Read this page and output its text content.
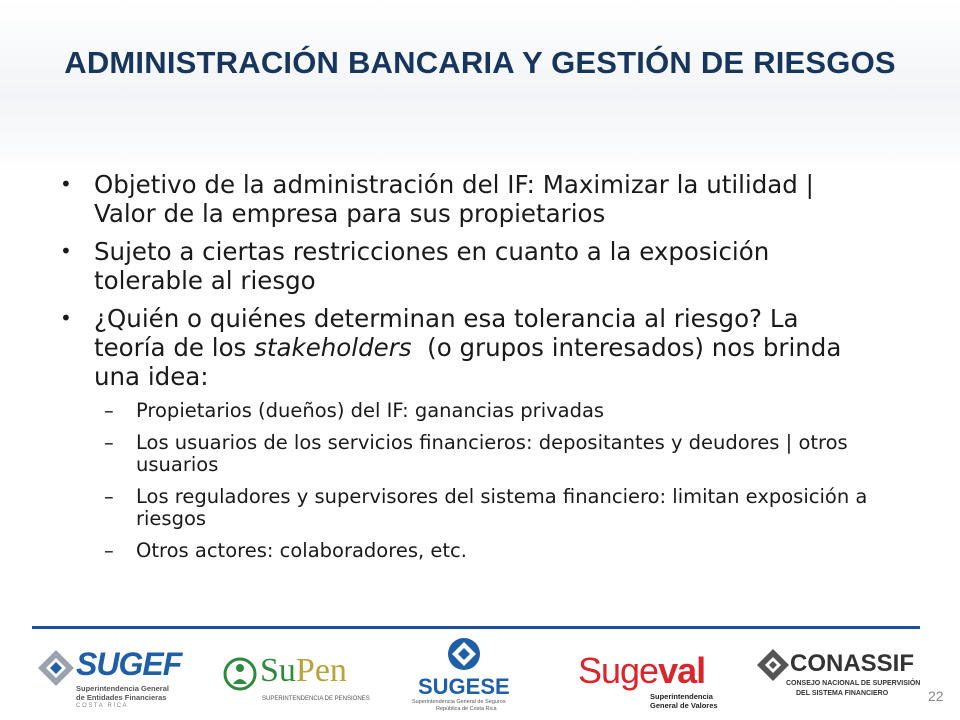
ADMINISTRACIÓN BANCARIA Y GESTIÓN DE RIESGOS
• Objetivo de la administración del IF: Maximizar la utilidad | Valor de la empresa para sus propietarios
• Sujeto a ciertas restricciones en cuanto a la exposición tolerable al riesgo
• ¿Quién o quiénes determinan esa tolerancia al riesgo? La teoría de los stakeholders  (o grupos interesados) nos brinda una idea:
– Propietarios (dueños) del IF: ganancias privadas
– Los usuarios de los servicios financieros: depositantes y deudores | otros usuarios
– Los reguladores y supervisores del sistema financiero: limitan exposición a riesgos
– Otros actores: colaboradores, etc.
SUGEF
Superintendencia General
de Entidades Financieras
C O S T A   R I C A
SuPen
SUPERINTENDENCIA DE PENSIONES SUGESE
Superintendencia General de Seguros
República de Costa Rica
Sugeval
Superintendencia
General de Valores
CONASSIF
CONSEJO NACIONAL DE SUPERVISIÓN
DEL SISTEMA FINANCIERO	22
